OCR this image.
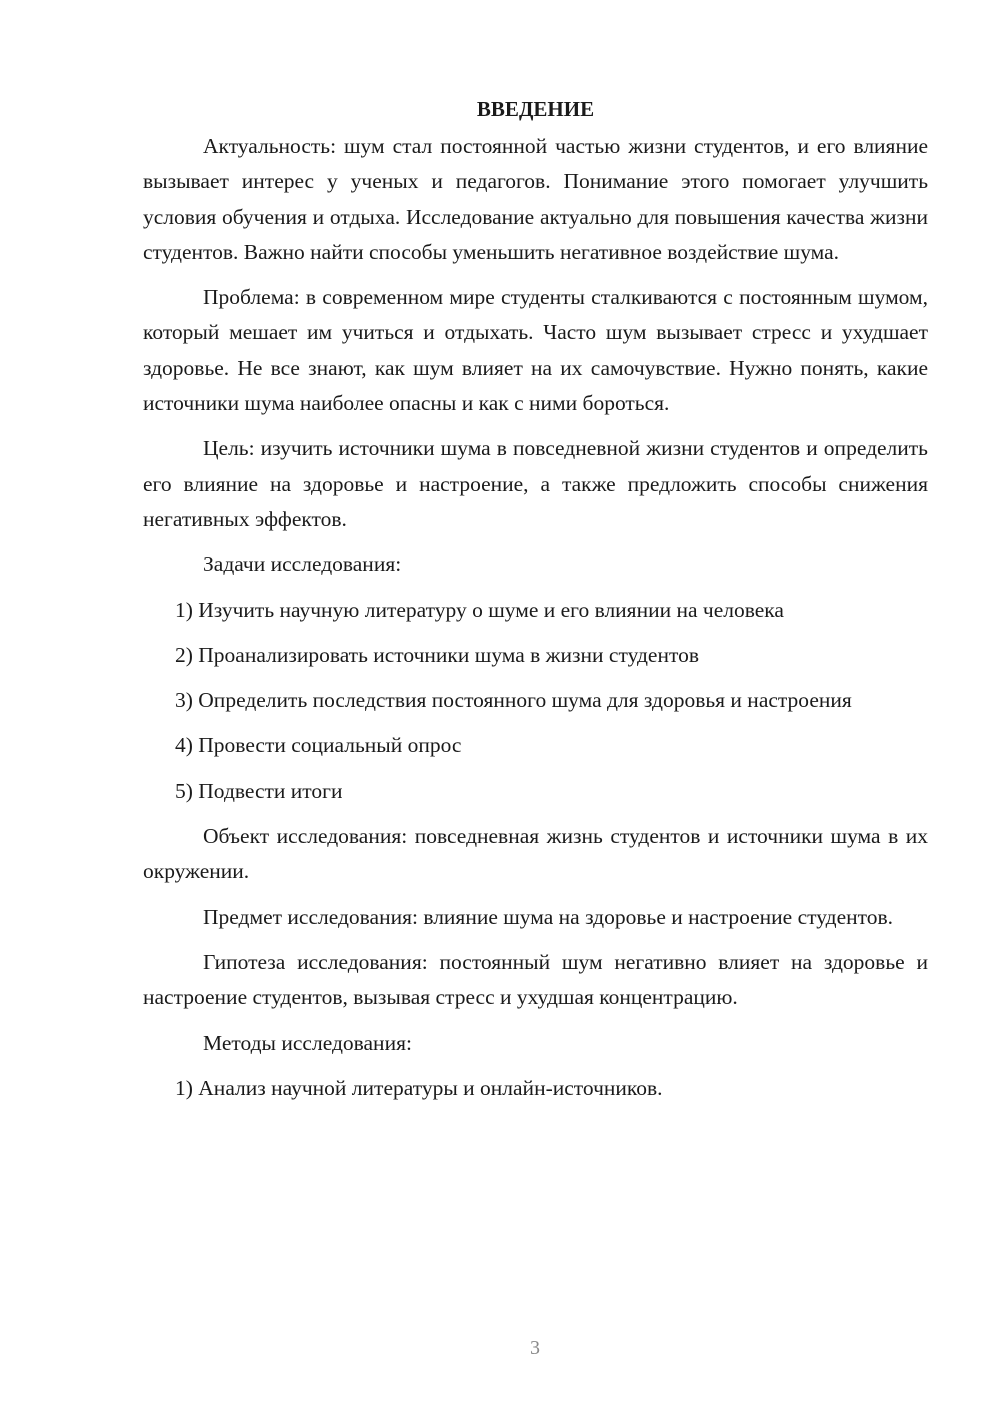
ВВЕДЕНИЕ

Актуальность: шум стал постоянной частью жизни студентов, и его влияние вызывает интерес у ученых и педагогов. Понимание этого помогает улучшить условия обучения и отдыха. Исследование актуально для повышения качества жизни студентов. Важно найти способы уменьшить негативное воздействие шума.

Проблема: в современном мире студенты сталкиваются с постоянным шумом, который мешает им учиться и отдыхать. Часто шум вызывает стресс и ухудшает здоровье. Не все знают, как шум влияет на их самочувствие. Нужно понять, какие источники шума наиболее опасны и как с ними бороться.

Цель: изучить источники шума в повседневной жизни студентов и определить его влияние на здоровье и настроение, а также предложить способы снижения негативных эффектов.

Задачи исследования:

1) Изучить научную литературу о шуме и его влиянии на человека

2) Проанализировать источники шума в жизни студентов

3) Определить последствия постоянного шума для здоровья и настроения

4) Провести социальный опрос

5) Подвести итоги

Объект исследования: повседневная жизнь студентов и источники шума в их окружении.

Предмет исследования: влияние шума на здоровье и настроение студентов.

Гипотеза исследования: постоянный шум негативно влияет на здоровье и настроение студентов, вызывая стресс и ухудшая концентрацию.

Методы исследования:

1) Анализ научной литературы и онлайн-источников.

3
